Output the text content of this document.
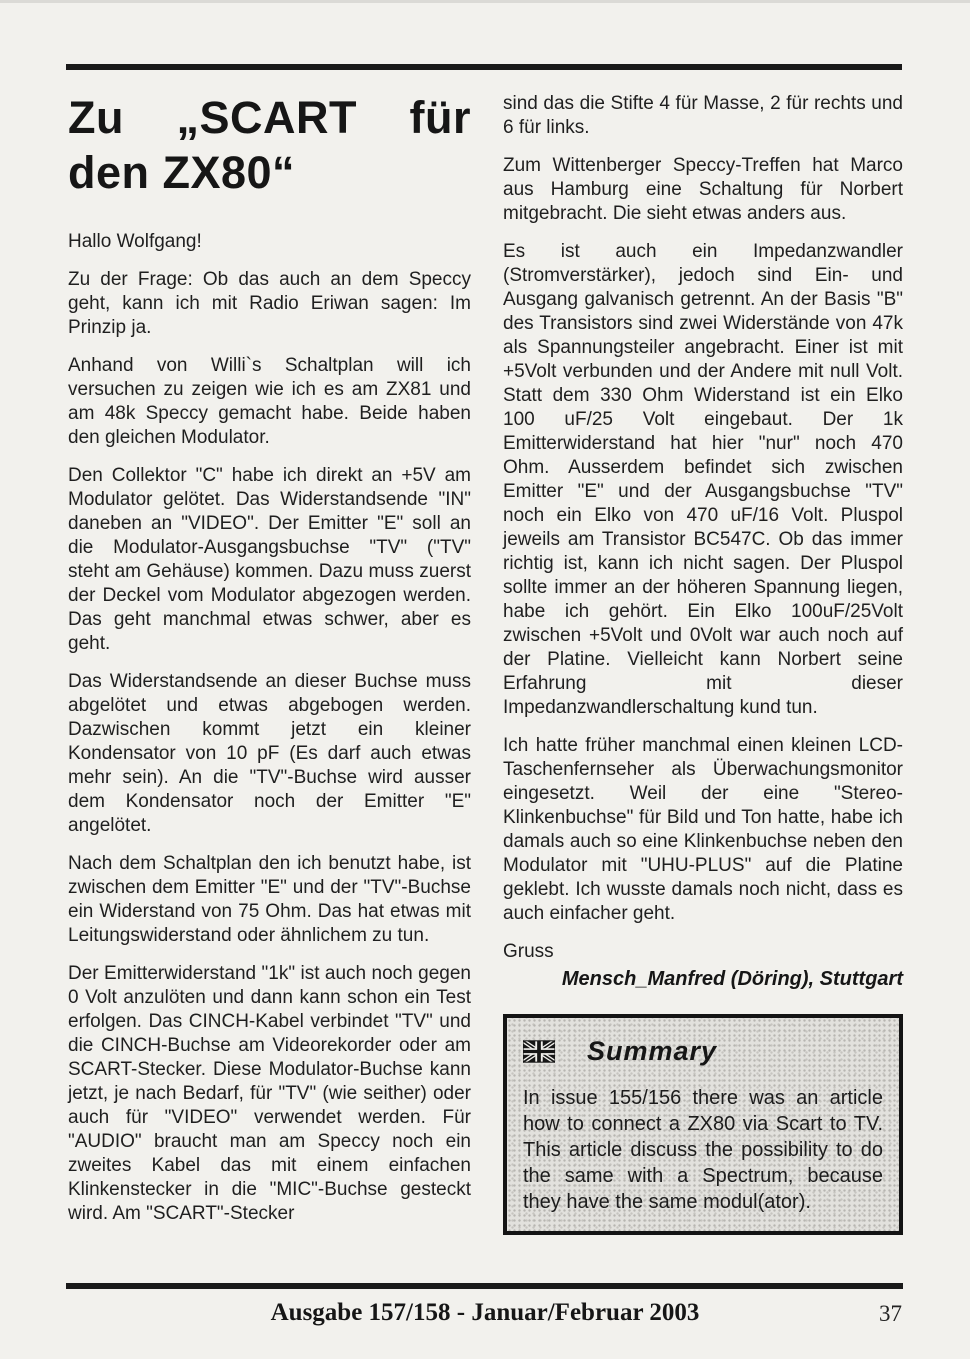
Zu „SCART für den ZX80“

Hallo Wolfgang!

Zu der Frage: Ob das auch an dem Speccy geht, kann ich mit Radio Eriwan sagen: Im Prinzip ja.

Anhand von Willi`s Schaltplan will ich versuchen zu zeigen wie ich es am ZX81 und am 48k Speccy gemacht habe. Beide haben den gleichen Modulator.

Den Collektor "C" habe ich direkt an +5V am Modulator gelötet. Das Widerstandsende "IN" daneben an "VIDEO". Der Emitter "E" soll an die Modulator-Ausgangsbuchse "TV" ("TV" steht am Gehäuse) kommen. Dazu muss zuerst der Deckel vom Modulator abgezogen werden. Das geht manchmal etwas schwer, aber es geht.

Das Widerstandsende an dieser Buchse muss abgelötet und etwas abgebogen werden. Dazwischen kommt jetzt ein kleiner Kondensator von 10 pF (Es darf auch etwas mehr sein). An die "TV"-Buchse wird ausser dem Kondensator noch der Emitter "E" angelötet.

Nach dem Schaltplan den ich benutzt habe, ist zwischen dem Emitter "E" und der "TV"-Buchse ein Widerstand von 75 Ohm. Das hat etwas mit Leitungswiderstand oder ähnlichem zu tun.

Der Emitterwiderstand "1k" ist auch noch gegen 0 Volt anzulöten und dann kann schon ein Test erfolgen. Das CINCH-Kabel verbindet "TV" und die CINCH-Buchse am Videorekorder oder am SCART-Stecker. Diese Modulator-Buchse kann jetzt, je nach Bedarf, für "TV" (wie seither) oder auch für "VIDEO" verwendet werden. Für "AUDIO" braucht man am Speccy noch ein zweites Kabel das mit einem einfachen Klinkenstecker in die "MIC"-Buchse gesteckt wird. Am "SCART"-Stecker

sind das die Stifte 4 für Masse, 2 für rechts und 6 für links.

Zum Wittenberger Speccy-Treffen hat Marco aus Hamburg eine Schaltung für Norbert mitgebracht. Die sieht etwas anders aus.

Es ist auch ein Impedanzwandler (Stromverstärker), jedoch sind Ein- und Ausgang galvanisch getrennt. An der Basis "B" des Transistors sind zwei Widerstände von 47k als Spannungsteiler angebracht. Einer ist mit +5Volt verbunden und der Andere mit null Volt. Statt dem 330 Ohm Widerstand ist ein Elko 100 uF/25 Volt eingebaut. Der 1k Emitterwiderstand hat hier "nur" noch 470 Ohm. Ausserdem befindet sich zwischen Emitter "E" und der Ausgangsbuchse "TV" noch ein Elko von 470 uF/16 Volt. Pluspol jeweils am Transistor BC547C. Ob das immer richtig ist, kann ich nicht sagen. Der Pluspol sollte immer an der höheren Spannung liegen, habe ich gehört. Ein Elko 100uF/25Volt zwischen +5Volt und 0Volt war auch noch auf der Platine. Vielleicht kann Norbert seine Erfahrung mit dieser Impedanzwandlerschaltung kund tun.

Ich hatte früher manchmal einen kleinen LCD-Taschenfernseher als Überwachungsmonitor eingesetzt. Weil der eine "Stereo-Klinkenbuchse" für Bild und Ton hatte, habe ich damals auch so eine Klinkenbuchse neben den Modulator mit "UHU-PLUS" auf die Platine geklebt. Ich wusste damals noch nicht, dass es auch einfacher geht.

Gruss

Mensch_Manfred (Döring), Stuttgart

Summary

In issue 155/156 there was an article how to connect a ZX80 via Scart to TV. This article discuss the possibility to do the same with a Spectrum, because they have the same modul(ator).

Ausgabe 157/158 - Januar/Februar 2003	37
